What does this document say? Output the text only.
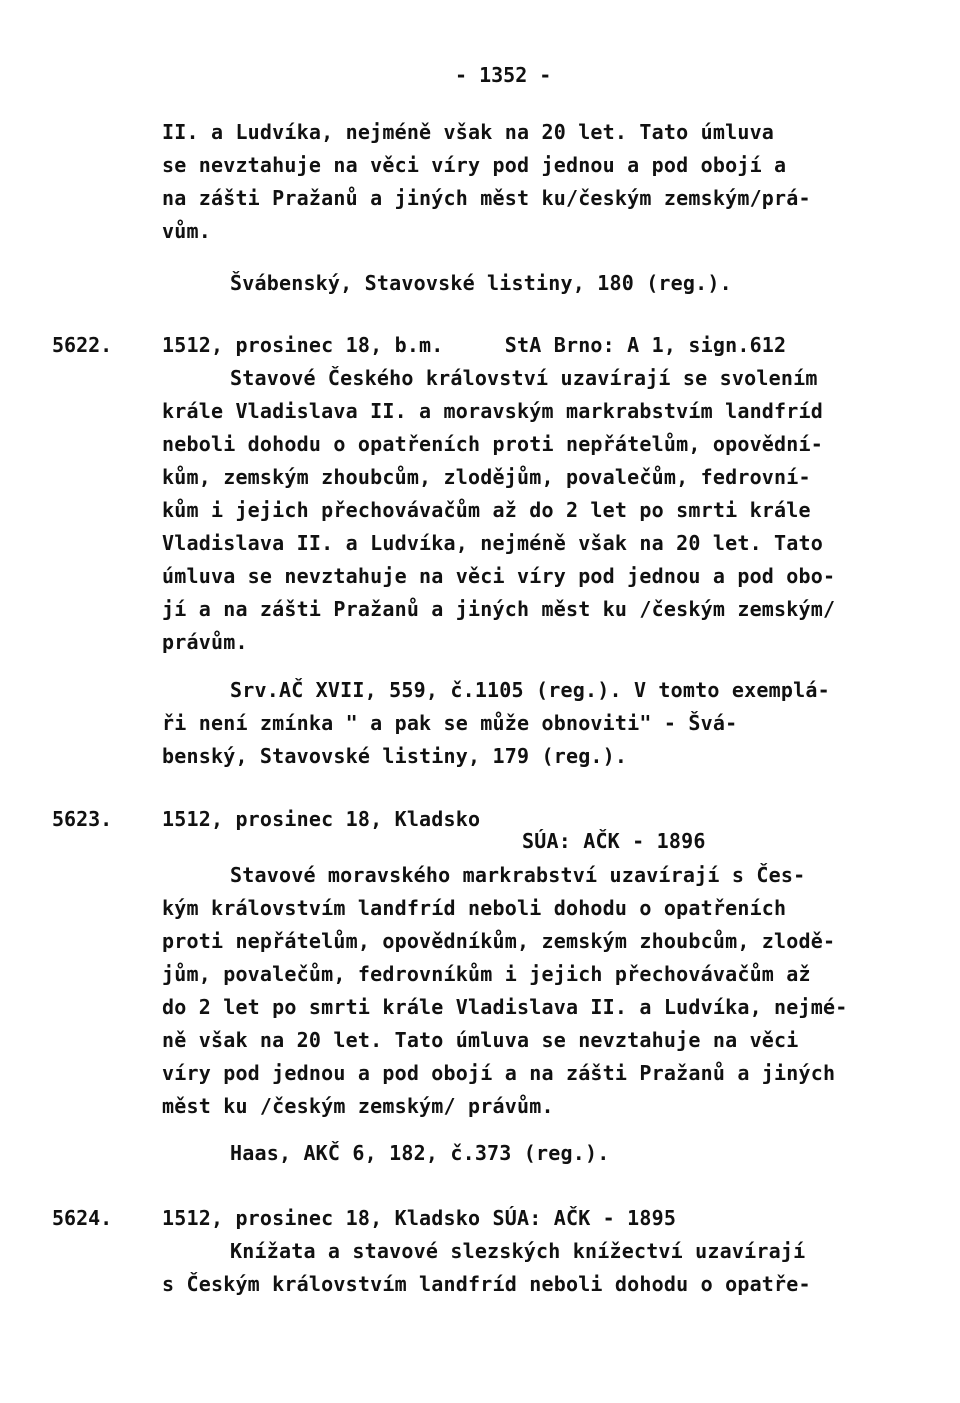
- 1352 -
II. a Ludvíka, nejméně však na 20 let. Tato úmluva
se nevztahuje na věci víry pod jednou a pod obojí a
na zášti Pražanů a jiných měst ku/českým zemským/prá-
vům.
Švábenský, Stavovské listiny, 180 (reg.).
5622. 1512, prosinec 18, b.m.     StA Brno: A 1, sign.612
Stavové Českého království uzavírají se svolením
krále Vladislava II. a moravským markrabstvím landfríd
neboli dohodu o opatřeních proti nepřátelům, opovědní-
kům, zemským zhoubcům, zlodějům, povalečům, fedrovní-
kům i jejich přechovávačům až do 2 let po smrti krále
Vladislava II. a Ludvíka, nejméně však na 20 let. Tato
úmluva se nevztahuje na věci víry pod jednou a pod obo-
jí a na zášti Pražanů a jiných měst ku /českým zemským/
právům.
Srv.AČ XVII, 559, č.1105 (reg.). V tomto exemplá-
ři není zmínka " a pak se může obnoviti" - Švá-
benský, Stavovské listiny, 179 (reg.).
5623. 1512, prosinec 18, Kladsko
SÚA: AČK - 1896
Stavové moravského markrabství uzavírají s Čes-
kým královstvím landfríd neboli dohodu o opatřeních
proti nepřátelům, opovědníkům, zemským zhoubcům, zlodě-
jům, povalečům, fedrovníkům i jejich přechovávačům až
do 2 let po smrti krále Vladislava II. a Ludvíka, nejmé-
ně však na 20 let. Tato úmluva se nevztahuje na věci
víry pod jednou a pod obojí a na zášti Pražanů a jiných
měst ku /českým zemským/ právům.
Haas, AKČ 6, 182, č.373 (reg.).
5624. 1512, prosinec 18, Kladsko SÚA: AČK - 1895
Knížata a stavové slezských knížectví uzavírají
s Českým královstvím landfríd neboli dohodu o opatře-
